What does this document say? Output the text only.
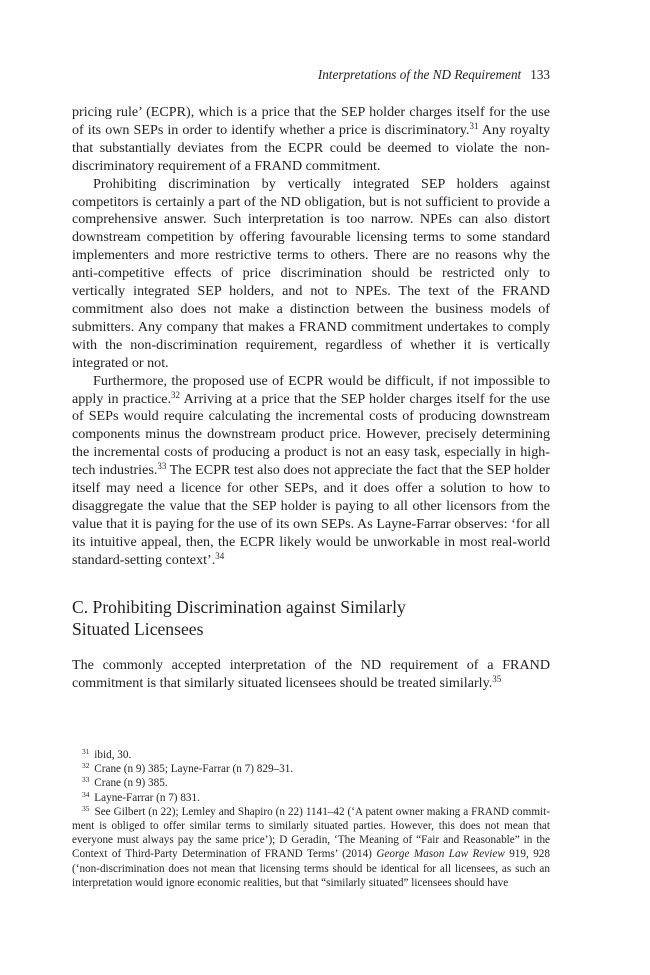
Interpretations of the ND Requirement 133

pricing rule’ (ECPR), which is a price that the SEP holder charges itself for the use of its own SEPs in order to identify whether a price is discriminatory.$^{31}$ Any royalty that substantially deviates from the ECPR could be deemed to violate the non-discriminatory requirement of a FRAND commitment.

Prohibiting discrimination by vertically integrated SEP holders against competitors is certainly a part of the ND obligation, but is not sufficient to provide a comprehensive answer. Such interpretation is too narrow. NPEs can also distort downstream competition by offering favourable licensing terms to some standard implementers and more restrictive terms to others. There are no reasons why the anti-competitive effects of price discrimination should be restricted only to vertically integrated SEP holders, and not to NPEs. The text of the FRAND commitment also does not make a distinction between the business models of submitters. Any company that makes a FRAND commitment undertakes to comply with the non-discrimination requirement, regardless of whether it is vertically integrated or not.

Furthermore, the proposed use of ECPR would be difficult, if not impossible to apply in practice.$^{32}$ Arriving at a price that the SEP holder charges itself for the use of SEPs would require calculating the incremental costs of producing downstream components minus the downstream product price. However, precisely determining the incremental costs of producing a product is not an easy task, especially in high-tech industries.$^{33}$ The ECPR test also does not appreciate the fact that the SEP holder itself may need a licence for other SEPs, and it does offer a solution to how to disaggregate the value that the SEP holder is paying to all other licensors from the value that it is paying for the use of its own SEPs. As Layne-Farrar observes: ‘for all its intuitive appeal, then, the ECPR likely would be unworkable in most real-world standard-setting context’.$^{34}$

C. Prohibiting Discrimination against Similarly
Situated Licensees

The commonly accepted interpretation of the ND requirement of a FRAND commitment is that similarly situated licensees should be treated similarly.$^{35}$

$^{31}$ ibid, 30.

$^{32}$ Crane (n 9) 385; Layne-Farrar (n 7) 829–31.

$^{33}$ Crane (n 9) 385.

$^{34}$ Layne-Farrar (n 7) 831.

$^{35}$ See Gilbert (n 22); Lemley and Shapiro (n 22) 1141–42 (‘A patent owner making a FRAND commitment is obliged to offer similar terms to similarly situated parties. However, this does not mean that everyone must always pay the same price’); D Geradin, ‘The Meaning of “Fair and Reasonable” in the Context of Third-Party Determination of FRAND Terms’ (2014) George Mason Law Review 919, 928 (‘non-discrimination does not mean that licensing terms should be identical for all licensees, as such an interpretation would ignore economic realities, but that “similarly situated” licensees should have
